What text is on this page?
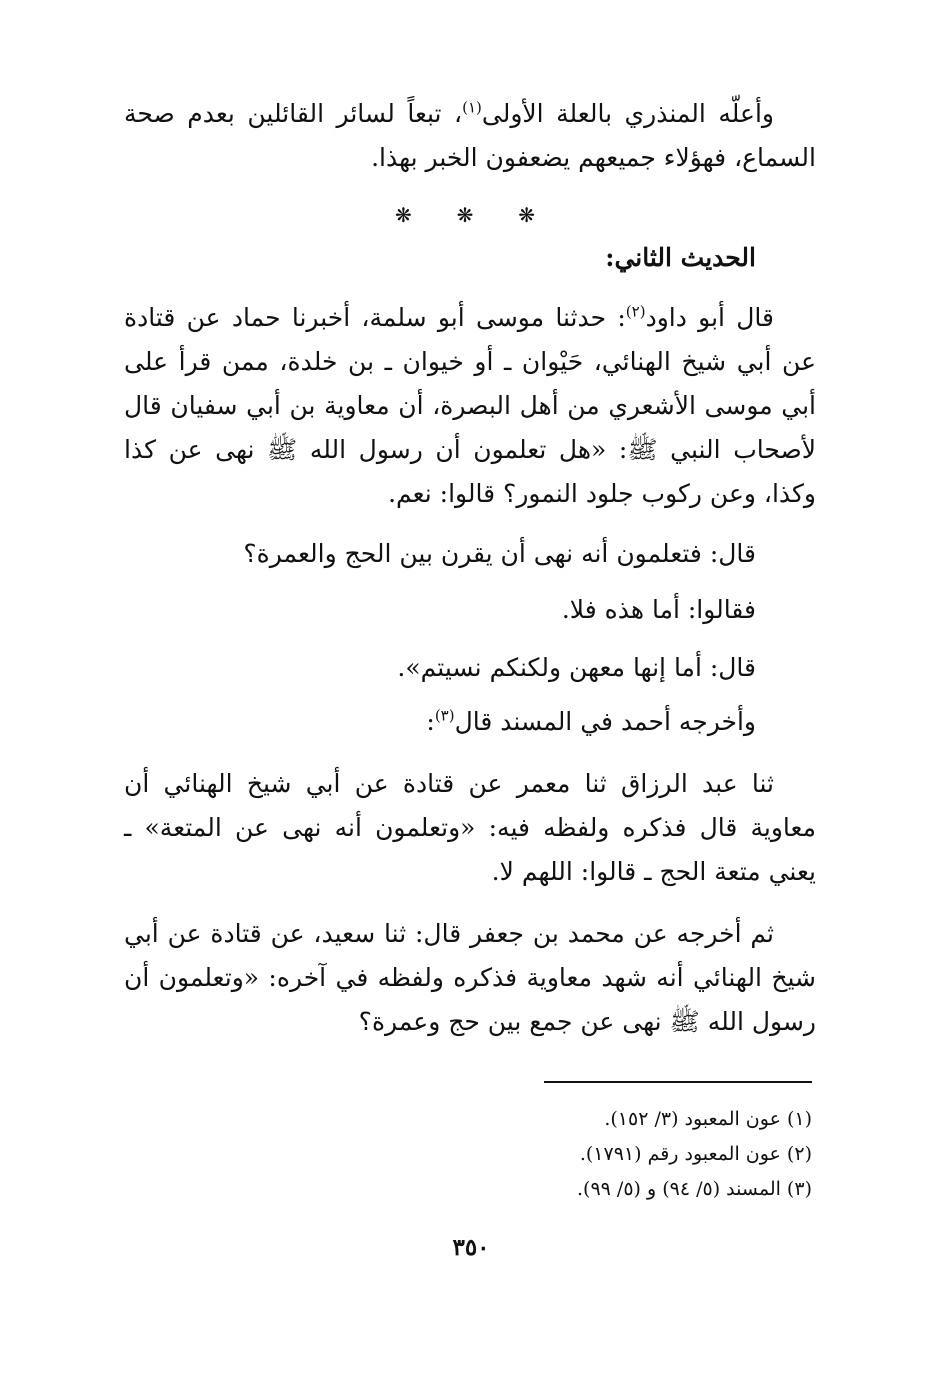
وأعلّه المنذري بالعلة الأولى$^{(١)}$، تبعاً لسائر القائلين بعدم صحة السماع، فهؤلاء جميعهم يضعفون الخبر بهذا.

❋ ❋ ❋
الحديث الثاني:

قال أبو داود$^{(٢)}$: حدثنا موسى أبو سلمة، أخبرنا حماد عن قتادة عن أبي شيخ الهنائي، حَيْوان ـ أو خيوان ـ بن خلدة، ممن قرأ على أبي موسى الأشعري من أهل البصرة، أن معاوية بن أبي سفيان قال لأصحاب النبي ﷺ: «هل تعلمون أن رسول الله ﷺ نهى عن كذا وكذا، وعن ركوب جلود النمور؟ قالوا: نعم.

قال: فتعلمون أنه نهى أن يقرن بين الحج والعمرة؟

فقالوا: أما هذه فلا.

قال: أما إنها معهن ولكنكم نسيتم».

وأخرجه أحمد في المسند قال$^{(٣)}$:

ثنا عبد الرزاق ثنا معمر عن قتادة عن أبي شيخ الهنائي أن معاوية قال فذكره ولفظه فيه: «وتعلمون أنه نهى عن المتعة» ـ يعني متعة الحج ـ قالوا: اللهم لا.

ثم أخرجه عن محمد بن جعفر قال: ثنا سعيد، عن قتادة عن أبي شيخ الهنائي أنه شهد معاوية فذكره ولفظه في آخره: «وتعلمون أن رسول الله ﷺ نهى عن جمع بين حج وعمرة؟

(١) عون المعبود (٣/ ١٥٢).
(٢) عون المعبود رقم (١٧٩١).
(٣) المسند (٥/ ٩٤) و (٥/ ٩٩).

٣٥٠
